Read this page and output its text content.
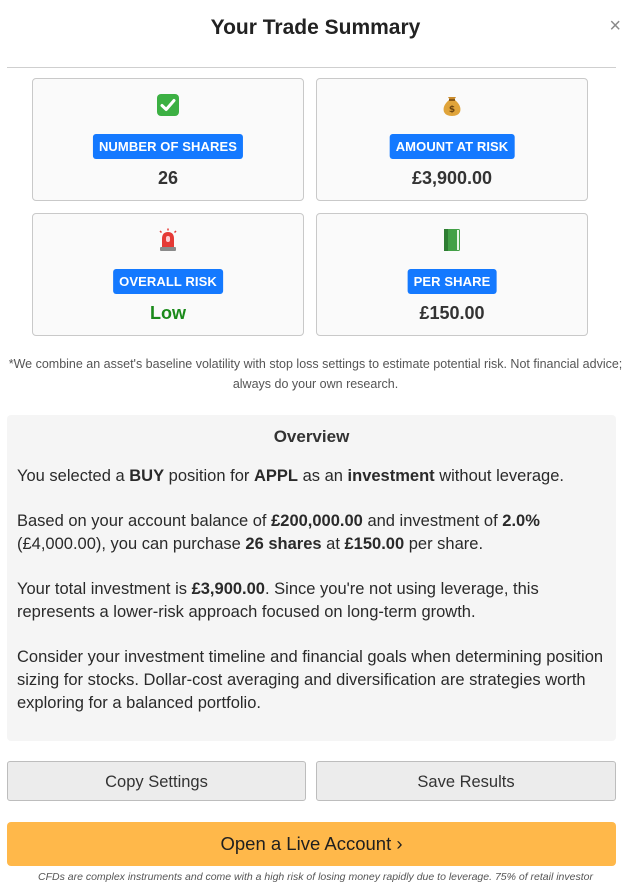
Your Trade Summary	×
NUMBER OF SHARES
26
$
AMOUNT AT RISK
£3,900.00
OVERALL RISK
Low
PER SHARE
£150.00
*We combine an asset's baseline volatility with stop loss settings to estimate potential risk. Not financial advice; always do your own research.
Overview

You selected a BUY position for APPL as an investment without leverage.

Based on your account balance of £200,000.00 and investment of 2.0% (£4,000.00), you can purchase 26 shares at £150.00 per share.

Your total investment is £3,900.00. Since you're not using leverage, this represents a lower-risk approach focused on long-term growth.

Consider your investment timeline and financial goals when determining position sizing for stocks. Dollar-cost averaging and diversification are strategies worth exploring for a balanced portfolio.

Copy Settings	Save Results
Open a Live Account ›
CFDs are complex instruments and come with a high risk of losing money rapidly due to leverage. 75% of retail investor
